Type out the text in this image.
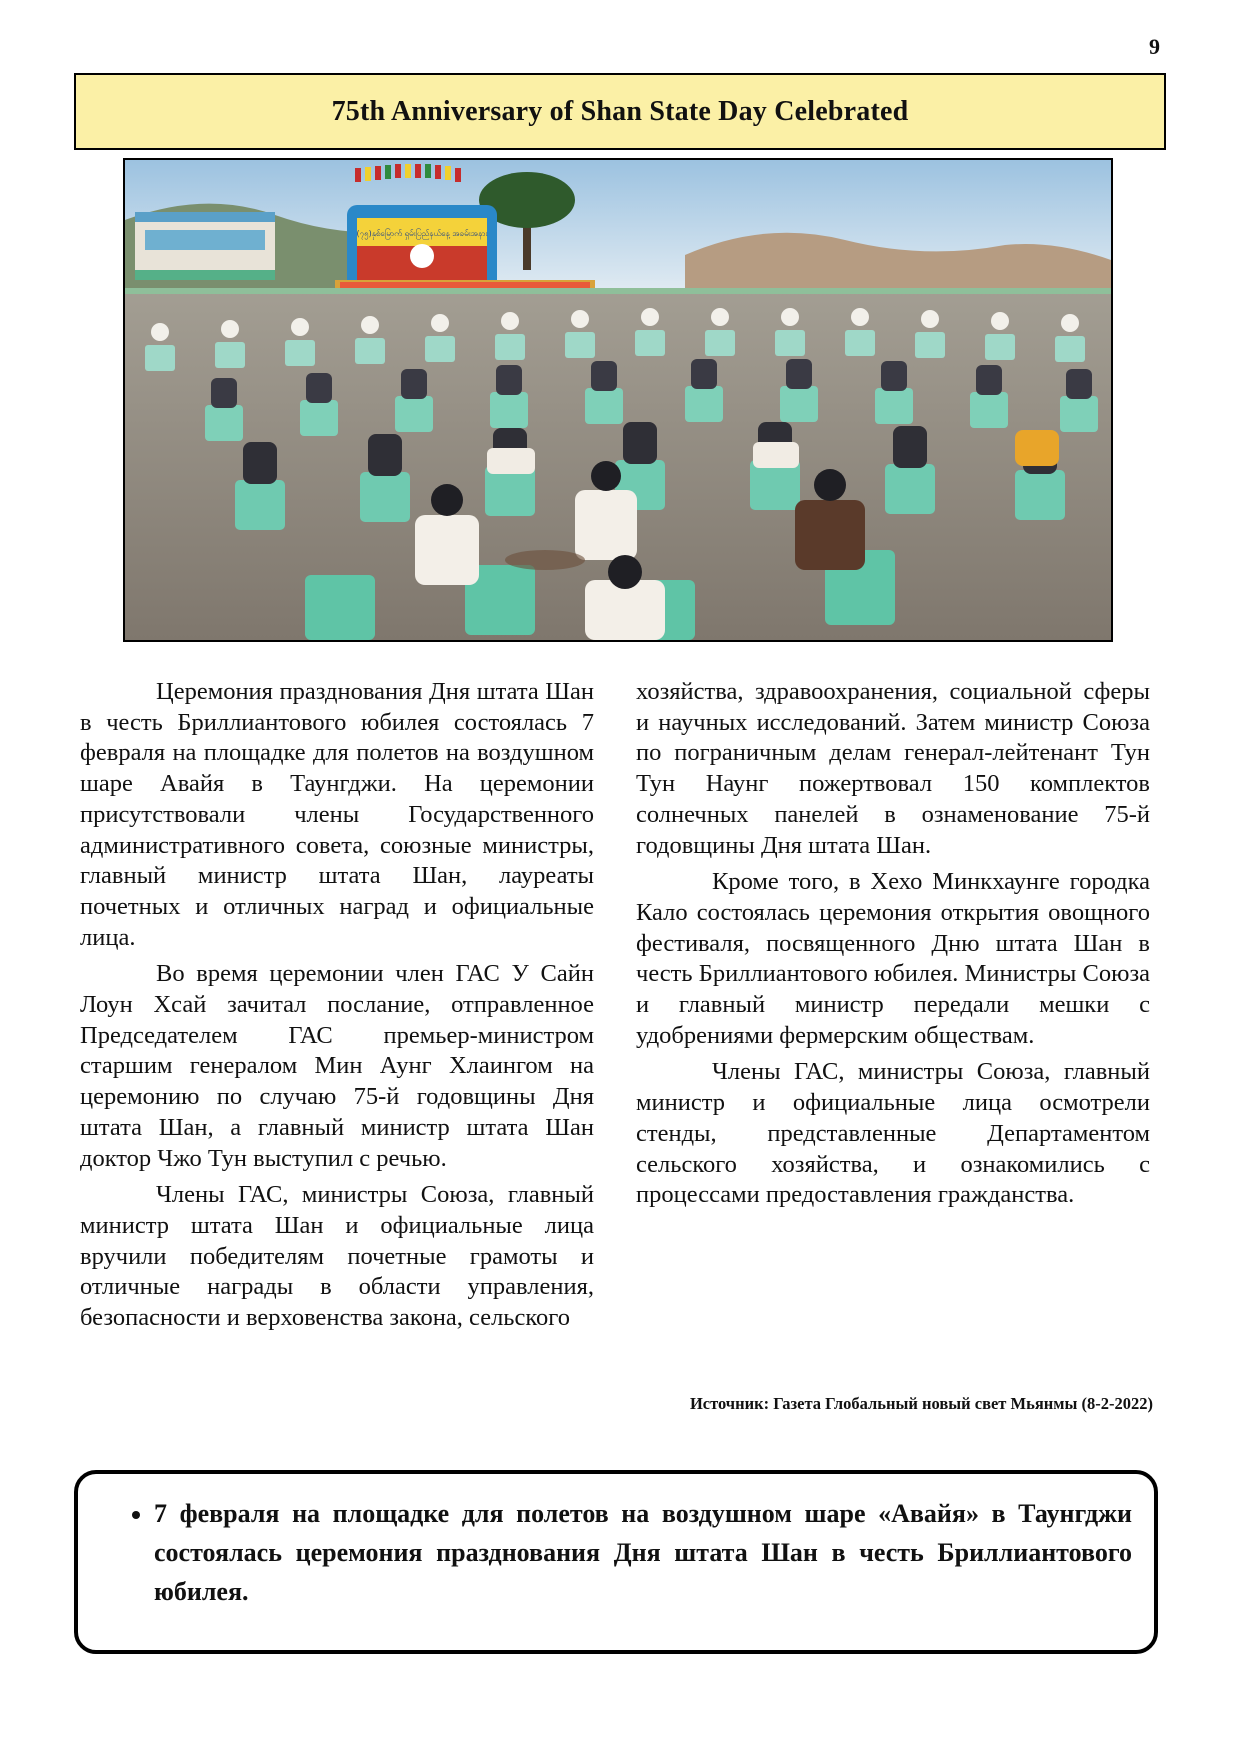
9
75th Anniversary of Shan State Day Celebrated
(၇၅)နှစ်မြောက် ရှမ်းပြည်နယ်နေ့ အခမ်းအနား

Церемония празднования Дня штата Шан в честь Бриллиантового юбилея состоялась 7 февраля на площадке для полетов на воздушном шаре Авайя в Таунгджи. На церемонии присутствовали члены Государственного административного совета, союзные министры, главный министр штата Шан, лауреаты почетных и отличных наград и официальные лица.

Во время церемонии член ГАС У Сайн Лоун Хсай зачитал послание, отправленное Председателем ГАС премьер-министром старшим генералом Мин Аунг Хлаингом на церемонию по случаю 75-й годовщины Дня штата Шан, а главный министр штата Шан доктор Чжо Тун выступил с речью.

Члены ГАС, министры Союза, главный министр штата Шан и официальные лица вручили победителям почетные грамоты и отличные награды в области управления, безопасности и верховенства закона, сельского

хозяйства, здравоохранения, социальной сферы и научных исследований. Затем министр Союза по пограничным делам генерал-лейтенант Тун Тун Наунг пожертвовал 150 комплектов солнечных панелей в ознаменование 75-й годовщины Дня штата Шан.

Кроме того, в Хехо Минкхаунге городка Кало состоялась церемония открытия овощного фестиваля, посвященного Дню штата Шан в честь Бриллиантового юбилея. Министры Союза и главный министр передали мешки с удобрениями фермерским обществам.

Члены ГАС, министры Союза, главный министр и официальные лица осмотрели стенды, представленные Департаментом сельского хозяйства, и ознакомились с процессами предоставления гражданства.

Источник: Газета Глобальный новый свет Мьянмы (8-2-2022)
• 7 февраля на площадке для полетов на воздушном шаре «Авайя» в Таунгджи состоялась церемония празднования Дня штата Шан в честь Бриллиантового юбилея.
